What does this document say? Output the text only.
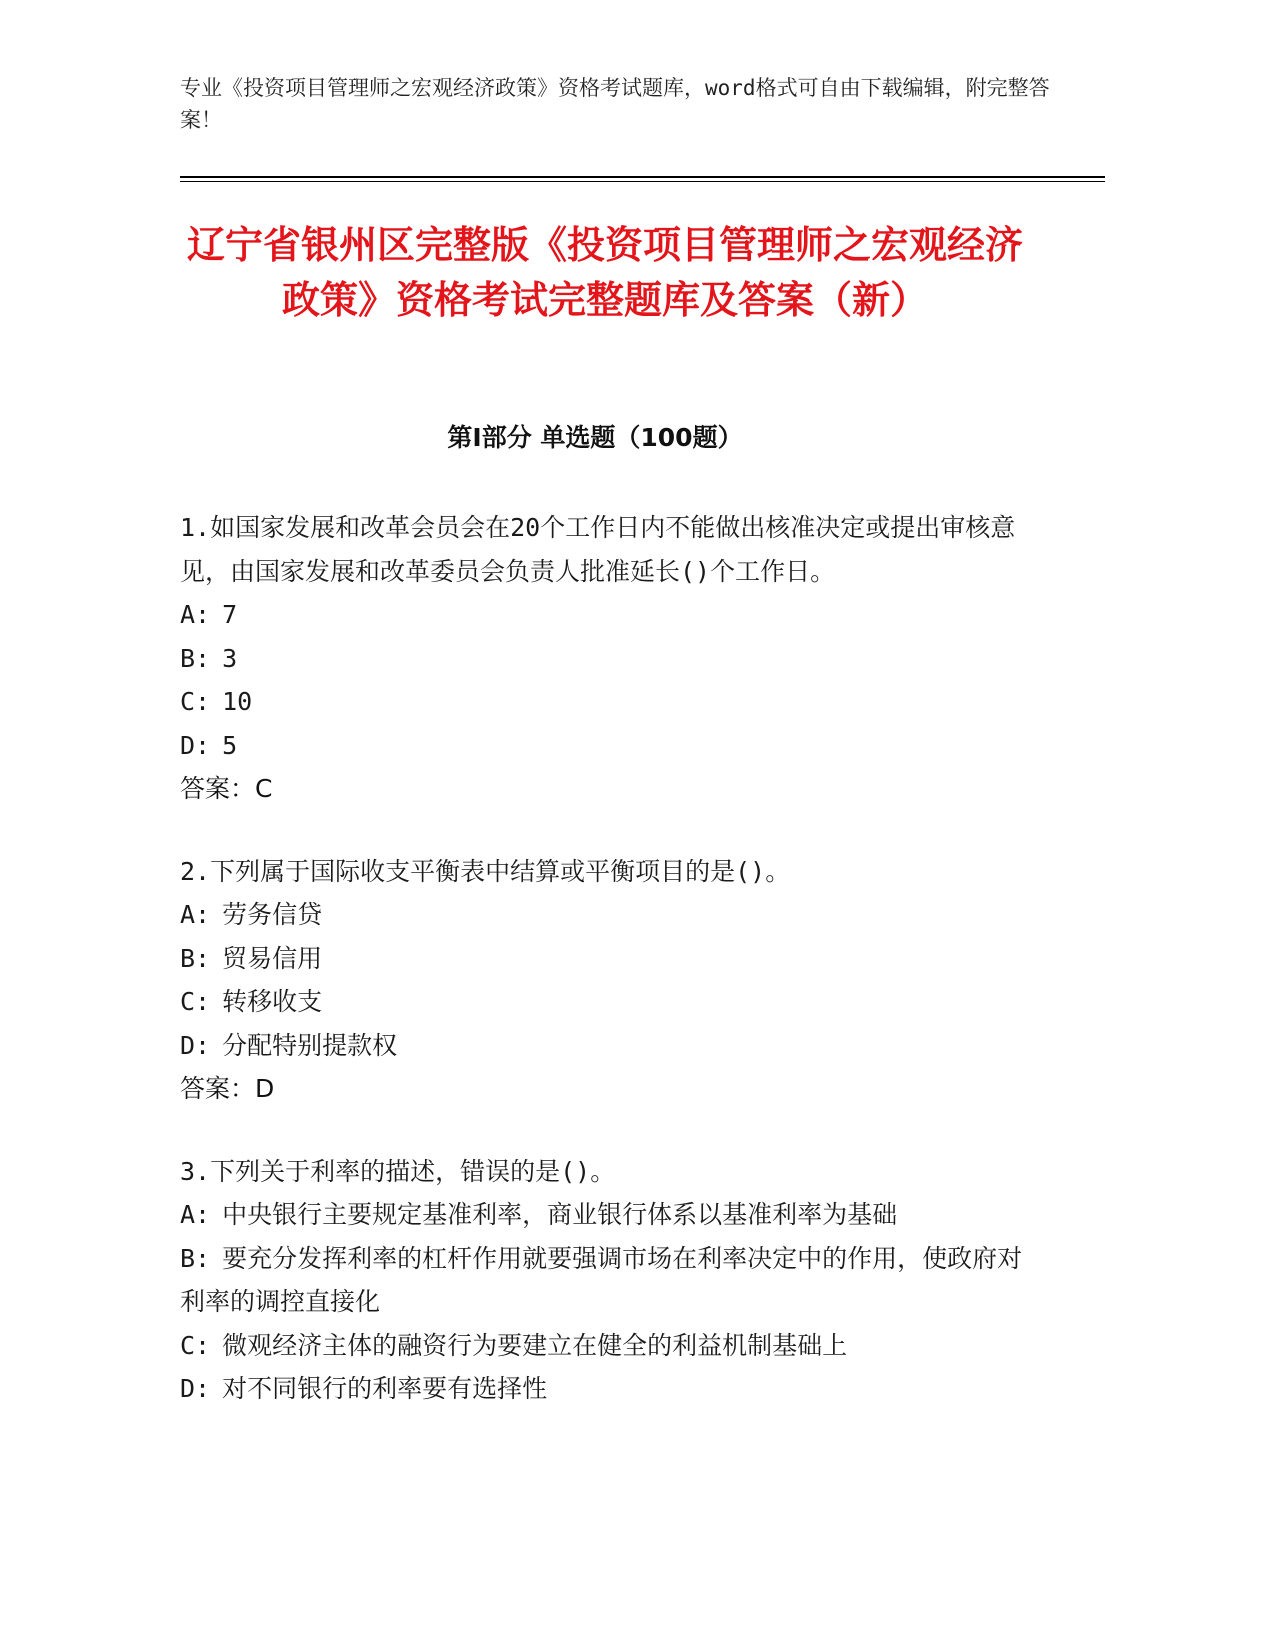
专业《投资项目管理师之宏观经济政策》资格考试题库，word格式可自由下载编辑，附完整答案！

辽宁省银州区完整版《投资项目管理师之宏观经济政策》资格考试完整题库及答案（新）
第I部分 单选题（100题）

1.如国家发展和改革会员会在20个工作日内不能做出核准决定或提出审核意见，由国家发展和改革委员会负责人批准延长()个工作日。

A: 7

B: 3

C: 10

D: 5

答案：C

2.下列属于国际收支平衡表中结算或平衡项目的是()。

A: 劳务信贷

B: 贸易信用

C: 转移收支

D: 分配特别提款权

答案：D

3.下列关于利率的描述，错误的是()。

A: 中央银行主要规定基准利率，商业银行体系以基准利率为基础

B: 要充分发挥利率的杠杆作用就要强调市场在利率决定中的作用，使政府对利率的调控直接化

C: 微观经济主体的融资行为要建立在健全的利益机制基础上

D: 对不同银行的利率要有选择性
